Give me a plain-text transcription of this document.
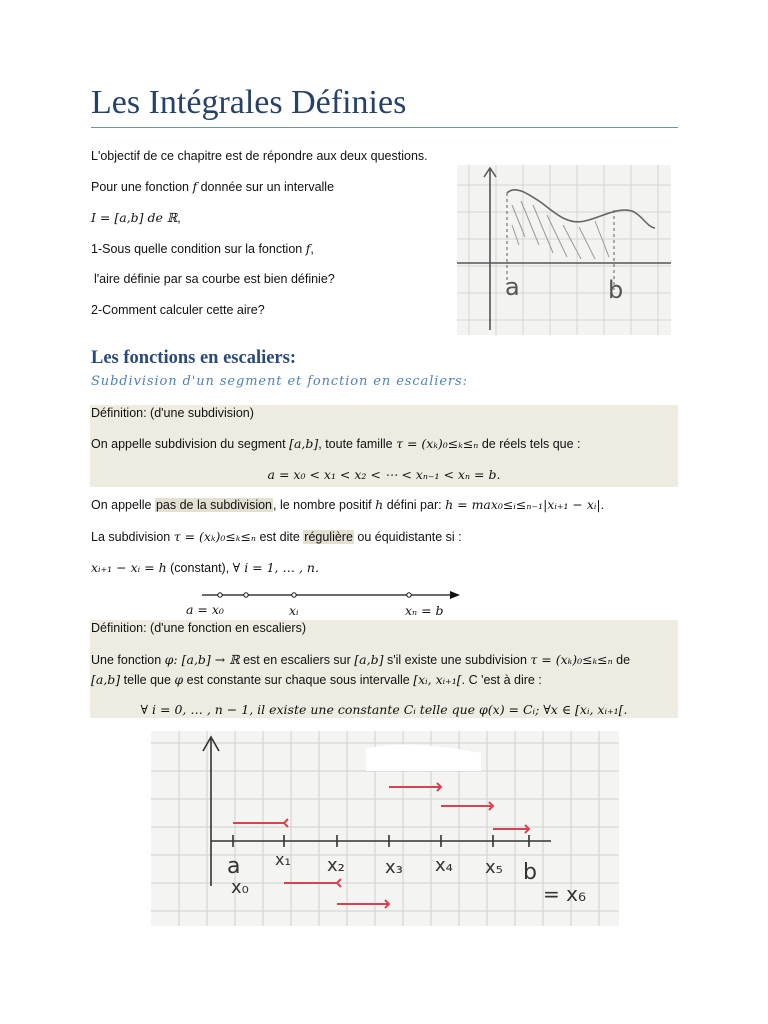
Les Intégrales Définies
L'objectif de ce chapitre est de répondre aux deux questions.
Pour une fonction f donnée sur un intervalle
I = [a,b] de ℝ,
1-Sous quelle condition sur la fonction f,
l'aire définie par sa courbe est bien définie?
2-Comment calculer cette aire?
a	b
Les fonctions en escaliers:
Subdivision d'un segment et fonction en escaliers:
Définition: (d'une subdivision)
On appelle subdivision du segment [a,b], toute famille τ = (xₖ)₀≤ₖ≤ₙ de réels tels que :
a = x₀ < x₁ < x₂ < ⋯ < xₙ₋₁ < xₙ = b.
On appelle pas de la subdivision, le nombre positif h défini par: h = max₀≤ᵢ≤ₙ₋₁|xᵢ₊₁ − xᵢ|.
La subdivision τ = (xₖ)₀≤ₖ≤ₙ est dite régulière ou équidistante si :
xᵢ₊₁ − xᵢ = h (constant), ∀ i = 1, … , n.
a = x₀	xᵢ	xₙ = b
Définition: (d'une fonction en escaliers)
Une fonction φ: [a,b] → ℝ est en escaliers sur [a,b] s'il existe une subdivision τ = (xₖ)₀≤ₖ≤ₙ de
[a,b] telle que φ est constante sur chaque sous intervalle [xᵢ, xᵢ₊₁[. C 'est à dire :
∀ i = 0, … , n − 1, il existe une constante Cᵢ telle que φ(x) = Cᵢ; ∀x ∈ [xᵢ, xᵢ₊₁[.
a
x₀
x₁ x₂ x₃ x₄ x₅ b
= x₆
